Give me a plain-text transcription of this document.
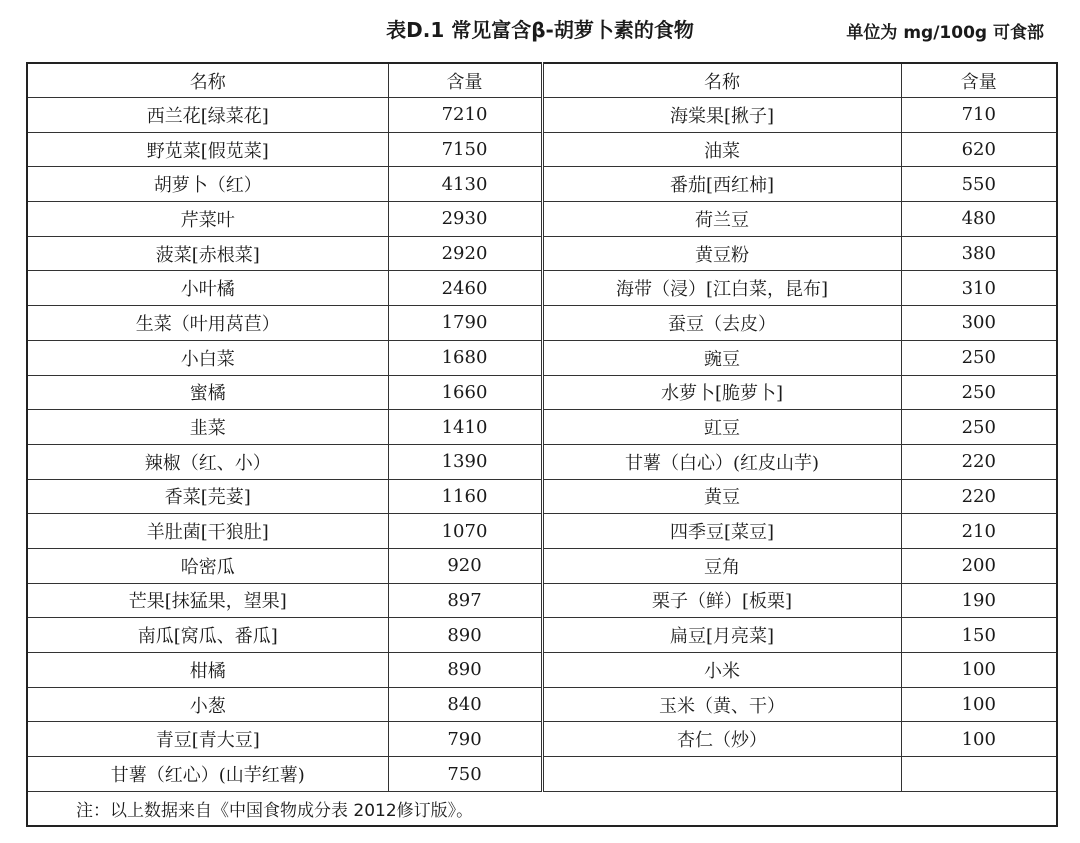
表D.1 常见富含β-胡萝卜素的食物	单位为 mg/100g 可食部
名称	含量	名称	含量
西兰花[绿菜花]	7210	海棠果[揪子]	710
野苋菜[假苋菜]	7150	油菜	620
胡萝卜（红）	4130	番茄[西红柿]	550
芹菜叶	2930	荷兰豆	480
菠菜[赤根菜]	2920	黄豆粉	380
小叶橘	2460	海带（浸）[江白菜，昆布]	310
生菜（叶用莴苣）	1790	蚕豆（去皮）	300
小白菜	1680	豌豆	250
蜜橘	1660	水萝卜[脆萝卜]	250
韭菜	1410	豇豆	250
辣椒（红、小）	1390	甘薯（白心）(红皮山芋)	220
香菜[芫荽]	1160	黄豆	220
羊肚菌[干狼肚]	1070	四季豆[菜豆]	210
哈密瓜	920	豆角	200
芒果[抹猛果，望果]	897	栗子（鲜）[板栗]	190
南瓜[窝瓜、番瓜]	890	扁豆[月亮菜]	150
柑橘	890	小米	100
小葱	840	玉米（黄、干）	100
青豆[青大豆]	790	杏仁（炒）	100
甘薯（红心）(山芋红薯)	750		
注：以上数据来自《中国食物成分表 2012修订版》。			
